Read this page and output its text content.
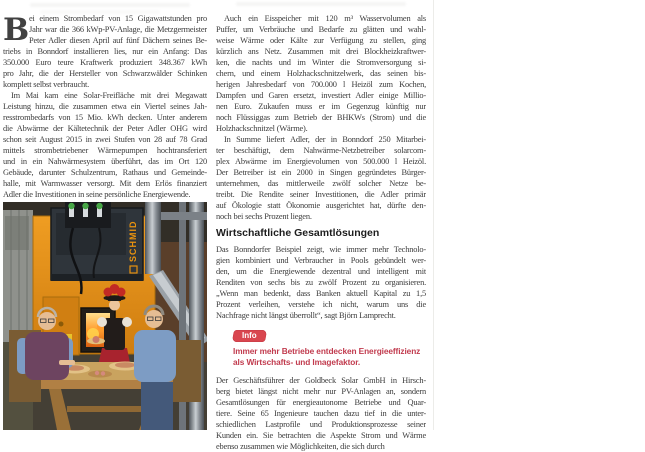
B ei einem Strombedarf von 15 Gigawattstunden pro
Jahr war die 366 kWp-PV-Anlage, die Metzgermeister
Peter Adler diesen April auf fünf Dächern seines Be-
triebs in Bonndorf installieren lies, nur ein Anfang: Das
350.000 Euro teure Kraftwerk produziert 348.367 kWh
pro Jahr, die der Hersteller von Schwarzwälder Schinken
komplett selbst verbraucht.
Im Mai kam eine Solar-Freifläche mit drei Megawatt
Leistung hinzu, die zusammen etwa ein Viertel seines Jah-
resstrombedarfs von 15 Mio. kWh decken. Unter anderem
die Abwärme der Kältetechnik der Peter Adler OHG wird
schon seit August 2015 in zwei Stufen von 28 auf 78 Grad
mittels strombetriebener Wärmepumpen hochtransferiert
und in ein Nahwärmesystem überführt, das im Ort 120
Gebäude, darunter Schulzentrum, Rathaus und Gemeinde-
halle, mit Warmwasser versorgt. Mit dem Erlös finanziert
Adler die Investitionen in seine persönliche Energiewende.
SCHMID
Auch ein Eisspeicher mit 120 m³ Wasservolumen als
Puffer, um Verbräuche und Bedarfe zu glätten und wahl-
weise Wärme oder Kälte zur Verfügung zu stellen, ging
kürzlich ans Netz. Zusammen mit drei Blockheizkraftwer-
ken, die nachts und im Winter die Stromversorgung si-
chern, und einem Holzhackschnitzelwerk, das seinen bis-
herigen Jahresbedarf von 700.000 l Heizöl zum Kochen,
Dampfen und Garen ersetzt, investiert Adler einige Millio-
nen Euro. Zukaufen muss er im Gegenzug künftig nur
noch Flüssiggas zum Betrieb der BHKWs (Strom) und die
Holzhackschnitzel (Wärme).
In Summe liefert Adler, der in Bonndorf 250 Mitarbei-
ter beschäftigt, dem Nahwärme-Netzbetreiber solarcom-
plex Abwärme im Energievolumen von 500.000 l Heizöl.
Der Betreiber ist ein 2000 in Singen gegründetes Bürger-
unternehmen, das mittlerweile zwölf solcher Netze be-
treibt. Die Rendite seiner Investitionen, die Adler primär
auf Ökologie statt Ökonomie ausgerichtet hat, dürfte den-
noch bei sechs Prozent liegen.
Wirtschaftliche Gesamtlösungen
Das Bonndorfer Beispiel zeigt, wie immer mehr Technolo-
gien kombiniert und Verbraucher in Pools gebündelt wer-
den, um die Energiewende dezentral und intelligent mit
Renditen von sechs bis zu zwölf Prozent zu organisieren.
„Wenn man bedenkt, dass Banken aktuell Kapital zu 1,5
Prozent verleihen, verstehe ich nicht, warum uns die
Nachfrage nicht längst überrollt“, sagt Björn Lamprecht.
Info
Immer mehr Betriebe entdecken Energieeffizienz
als Wirtschafts- und Imagefaktor.
Der Geschäftsführer der Goldbeck Solar GmbH in Hirsch-
berg bietet längst nicht mehr nur PV-Anlagen an, sondern
Gesamtlösungen für energieautonome Betriebe und Quar-
tiere. Seine 65 Ingenieure tauchen dazu tief in die unter-
schiedlichen Lastprofile und Produktionsprozesse seiner
Kunden ein. Sie betrachten die Aspekte Strom und Wärme
ebenso zusammen wie Möglichkeiten, die sich durch
